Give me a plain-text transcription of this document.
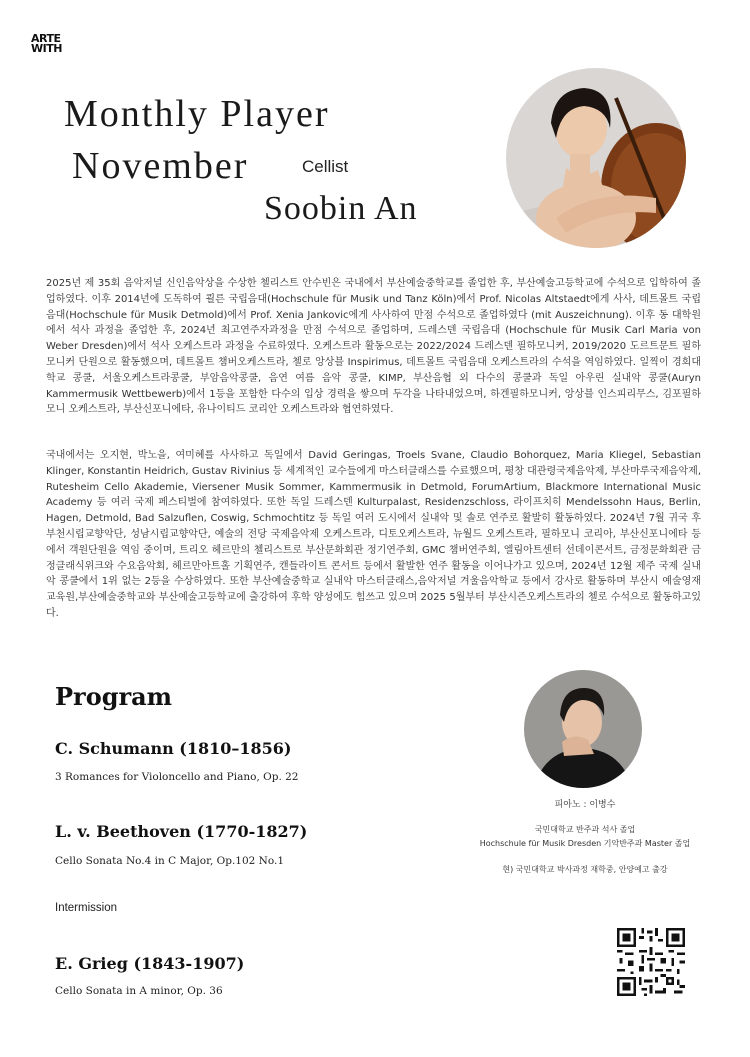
ARTE
WITH
Monthly Player
November	Cellist
Soobin An

2025년 제 35회 음악저널 신인음악상을 수상한 첼리스트 안수빈은 국내에서 부산예술중학교를 졸업한 후, 부산예술고등학교에 수석으로 입학하여 졸업하였다. 이후 2014년에 도독하여 쾰른 국립음대(Hochschule für Musik und Tanz Köln)에서 Prof. Nicolas Altstaedt에게 사사, 데트몰트 국립음대(Hochschule für Musik Detmold)에서 Prof. Xenia Jankovic에게 사사하여 만점 수석으로 졸업하였다 (mit Auszeichnung). 이후 동 대학원에서 석사 과정을 졸업한 후, 2024년 최고연주자과정을 만점 수석으로 졸업하며, 드레스덴 국립음대 (Hochschule für Musik Carl Maria von Weber Dresden)에서 석사 오케스트라 과정을 수료하였다. 오케스트라 활동으로는 2022/2024 드레스덴 필하모니커, 2019/2020 도르트문트 필하모니커 단원으로 활동했으며, 데트몰트 챔버오케스트라, 첼로 앙상블 Inspirimus, 데트몰트 국립음대 오케스트라의 수석을 역임하였다. 일찍이 경희대학교 콩쿨, 서울오케스트라콩쿨, 부암음악콩쿨, 음연 여름 음악 콩쿨, KIMP, 부산음협 외 다수의 콩쿨과 독일 아우린 실내악 콩쿨(Auryn Kammermusik Wettbewerb)에서 1등을 포함한 다수의 입상 경력을 쌓으며 두각을 나타내었으며, 하겐필하모니커, 앙상블 인스피리무스, 김포필하모니 오케스트라, 부산신포니에타, 유나이티드 코리안 오케스트라와 협연하였다.

국내에서는 오지현, 박노을, 여미혜를 사사하고 독일에서 David Geringas, Troels Svane, Claudio Bohorquez, Maria Kliegel, Sebastian Klinger, Konstantin Heidrich, Gustav Rivinius 등 세계적인 교수들에게 마스터클래스를 수료했으며, 평창 대관령국제음악제, 부산마루국제음악제, Rutesheim Cello Akademie, Viersener Musik Sommer, Kammermusik in Detmold, ForumArtium, Blackmore International Music Academy 등 여러 국제 페스티벌에 참여하였다. 또한 독일 드레스덴 Kulturpalast, Residenzschloss, 라이프치히 Mendelssohn Haus, Berlin, Hagen, Detmold, Bad Salzuflen, Coswig, Schmochtitz 등 독일 여러 도시에서 실내악 및 솔로 연주로 활발히 활동하였다. 2024년 7월 귀국 후 부천시립교향악단, 성남시립교향악단, 예술의 전당 국제음악제 오케스트라, 디토오케스트라, 뉴월드 오케스트라, 필하모니 코리아, 부산신포니에타 등에서 객원단원을 역임 중이며, 트리오 헤르만의 첼리스트로 부산문화회관 정기연주회, GMC 챔버연주회, 엘림아트센터 선데이콘서트, 금정문화회관 금정클래식위크와 수요음악회, 헤르만아트홀 기획연주, 캔들라이트 콘서트 등에서 활발한 연주 활동을 이어나가고 있으며, 2024년 12월 제주 국제 실내악 콩쿨에서 1위 없는 2등을 수상하였다. 또한 부산예술중학교 실내악 마스터클래스,음악저널 겨울음악학교 등에서 강사로 활동하며 부산시 예술영재교육원,부산예술중학교와 부산예술고등학교에 출강하여 후학 양성에도 힘쓰고 있으며 2025 5월부터 부산시즌오케스트라의 첼로 수석으로 활동하고있다.

Program
C. Schumann (1810–1856)
3 Romances for Violoncello and Piano, Op. 22
L. v. Beethoven (1770-1827)
Cello Sonata No.4 in C Major, Op.102 No.1
Intermission
E. Grieg (1843-1907)
Cello Sonata in A minor, Op. 36
피아노 : 이병수
국민대학교 반주과 석사 졸업
Hochschule für Musik Dresden 기악반주과 Master 졸업
현) 국민대학교 박사과정 재학중, 안양예고 출강
